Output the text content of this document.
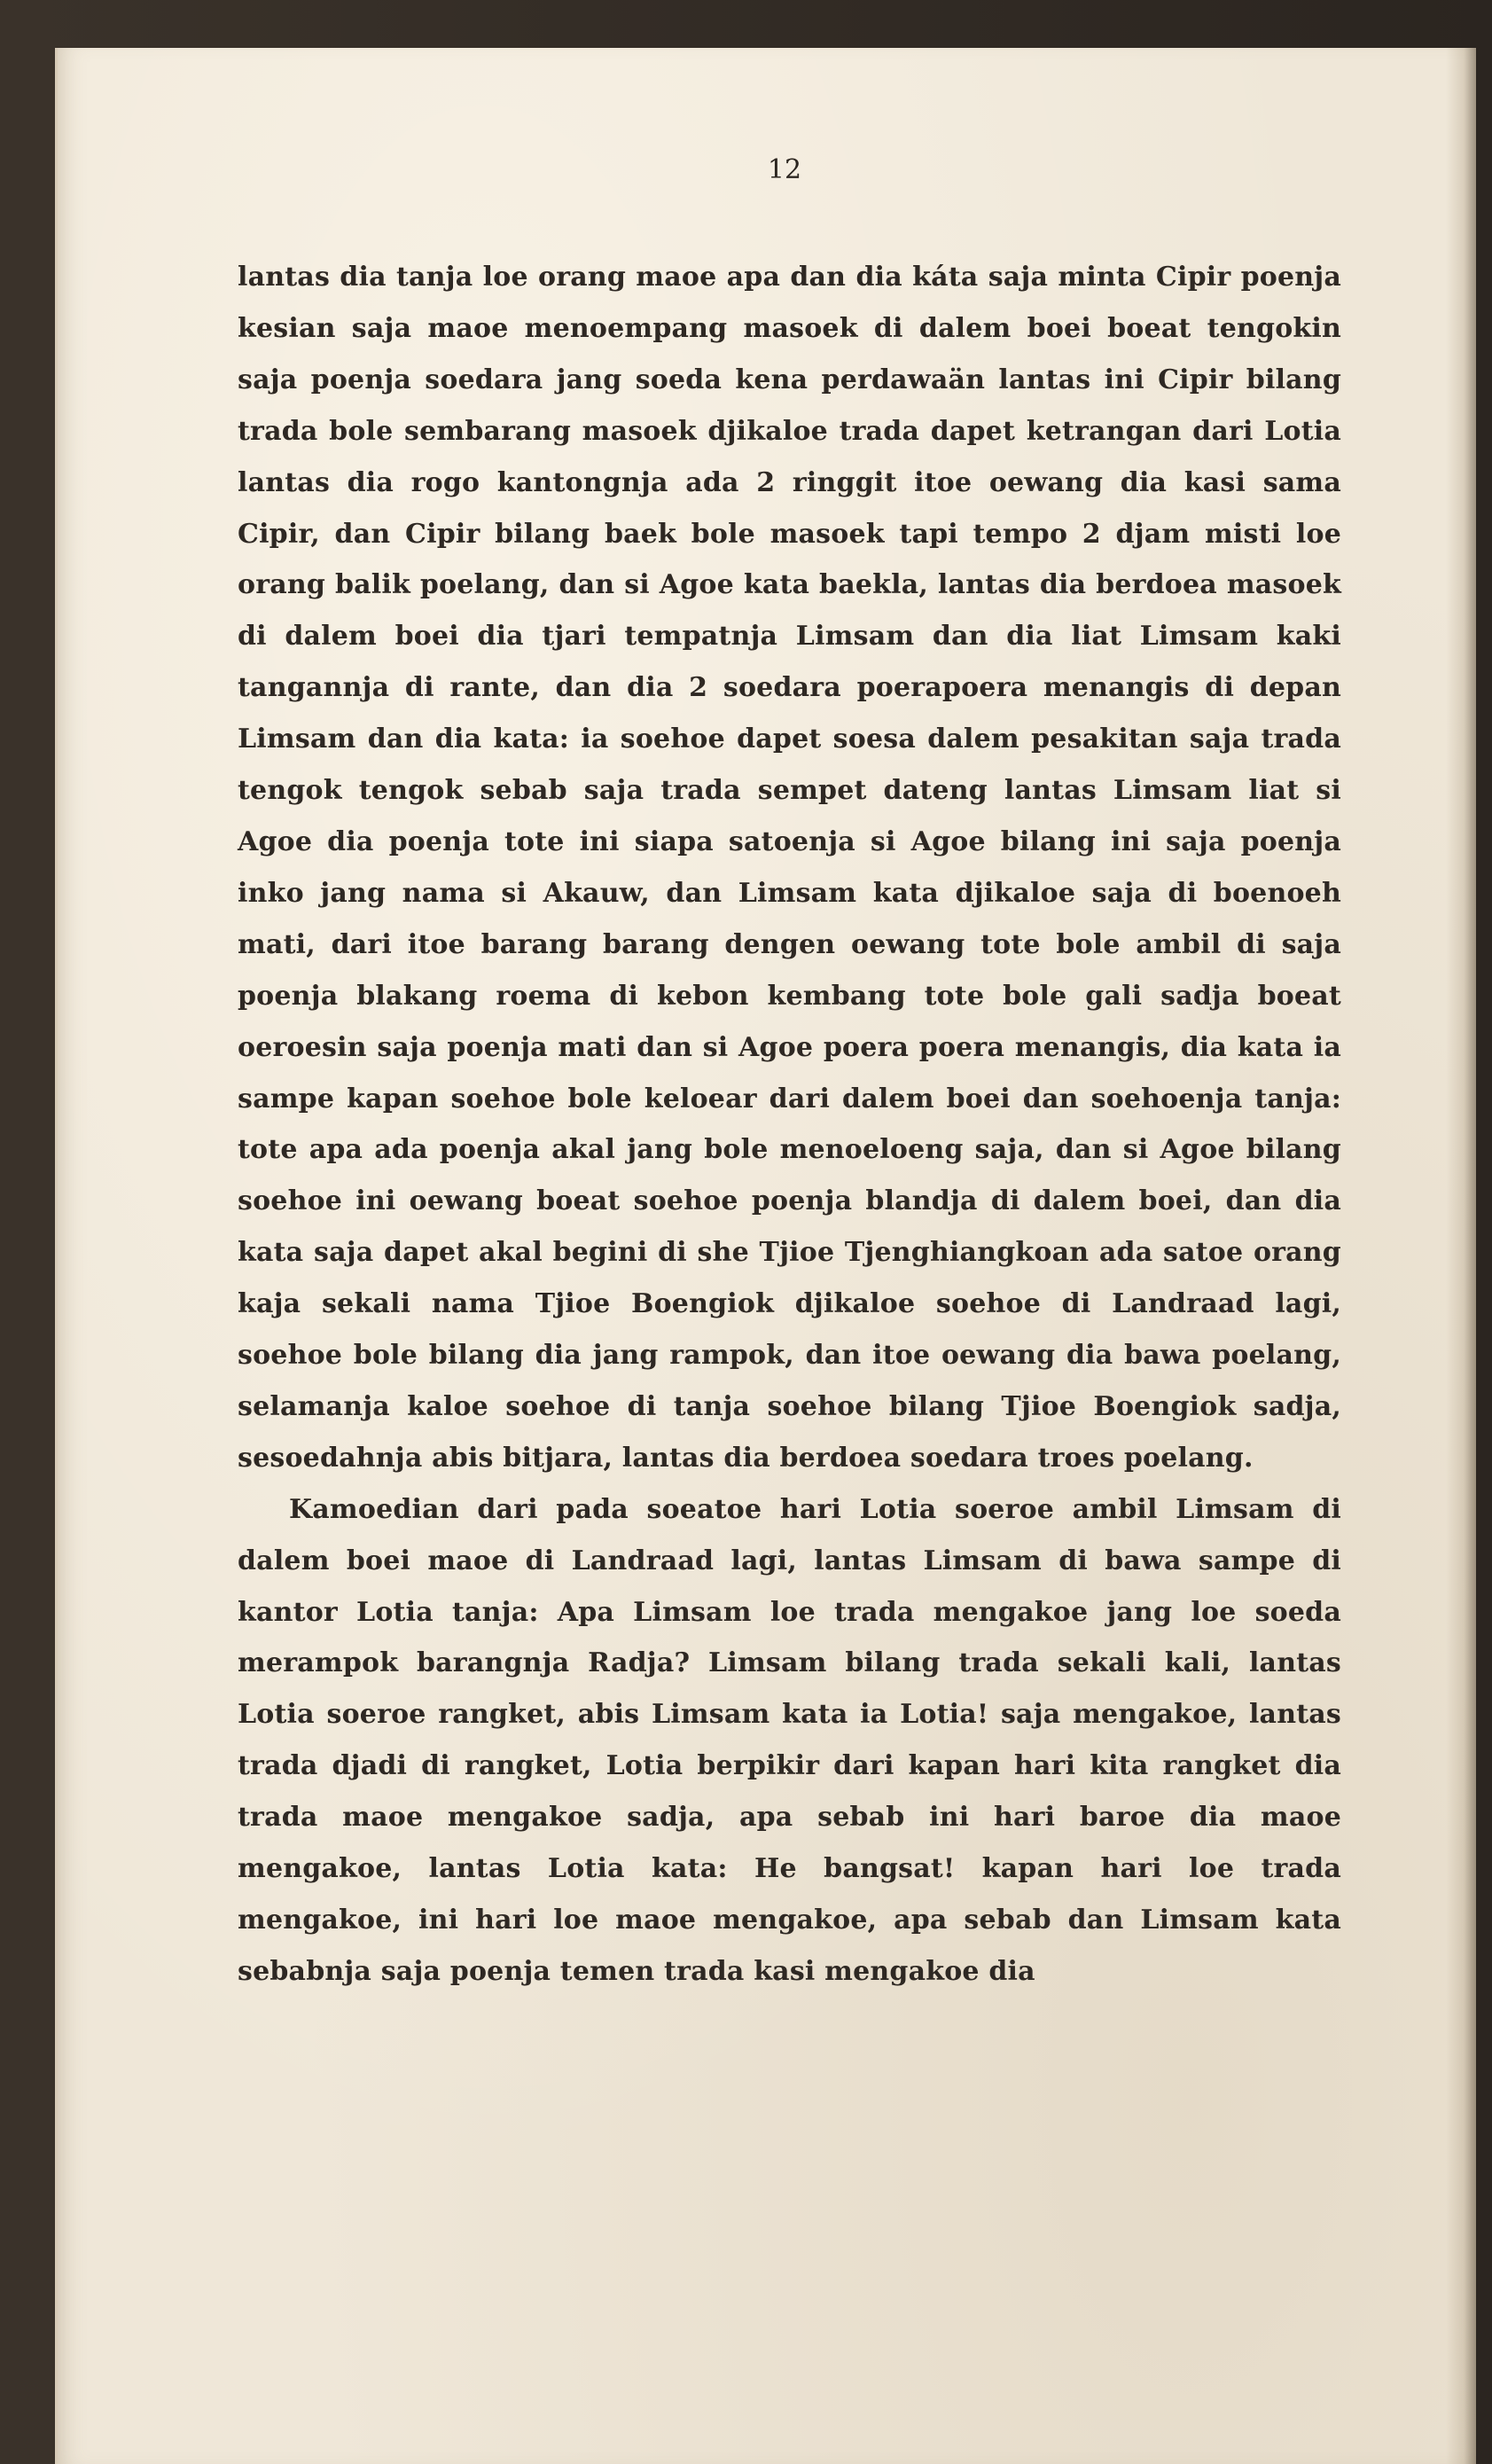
12

lantas dia tanja loe orang maoe apa dan dia káta saja minta Cipir poenja kesian saja maoe menoempang masoek di dalem boei boeat tengokin saja poenja soedara jang soeda kena perdawaän lantas ini Cipir bilang trada bole sembarang masoek djikaloe trada dapet ketrangan dari Lotia lantas dia rogo kantongnja ada 2 ringgit itoe oewang dia kasi sama Cipir, dan Cipir bilang baek bole masoek tapi tempo 2 djam misti loe orang balik poelang, dan si Agoe kata baekla, lantas dia berdoea masoek di dalem boei dia tjari tempatnja Limsam dan dia liat Limsam kaki tangannja di rante, dan dia 2 soedara poerapoera menangis di depan Limsam dan dia kata: ia soehoe dapet soesa dalem pesakitan saja trada tengok tengok sebab saja trada sempet dateng lantas Limsam liat si Agoe dia poenja tote ini siapa satoenja si Agoe bilang ini saja poenja inko jang nama si Akauw, dan Limsam kata djikaloe saja di boenoeh mati, dari itoe barang barang dengen oewang tote bole ambil di saja poenja blakang roema di kebon kembang tote bole gali sadja boeat oeroesin saja poenja mati dan si Agoe poera poera menangis, dia kata ia sampe kapan soehoe bole keloear dari dalem boei dan soehoenja tanja: tote apa ada poenja akal jang bole menoeloeng saja, dan si Agoe bilang soehoe ini oewang boeat soehoe poenja blandja di dalem boei, dan dia kata saja dapet akal begini di she Tjioe Tjenghiangkoan ada satoe orang kaja sekali nama Tjioe Boengiok djikaloe soehoe di Landraad lagi, soehoe bole bilang dia jang rampok, dan itoe oewang dia bawa poelang, selamanja kaloe soehoe di tanja soehoe bilang Tjioe Boengiok sadja, sesoedahnja abis bitjara, lantas dia berdoea soedara troes poelang.

Kamoedian dari pada soeatoe hari Lotia soeroe ambil Limsam di dalem boei maoe di Landraad lagi, lantas Limsam di bawa sampe di kantor Lotia tanja: Apa Limsam loe trada mengakoe jang loe soeda merampok barangnja Radja? Limsam bilang trada sekali kali, lantas Lotia soeroe rangket, abis Limsam kata ia Lotia! saja mengakoe, lantas trada djadi di rangket, Lotia berpikir dari kapan hari kita rangket dia trada maoe mengakoe sadja, apa sebab ini hari baroe dia maoe mengakoe, lantas Lotia kata: He bangsat! kapan hari loe trada mengakoe, ini hari loe maoe mengakoe, apa sebab dan Limsam kata sebabnja saja poenja temen trada kasi mengakoe dia
